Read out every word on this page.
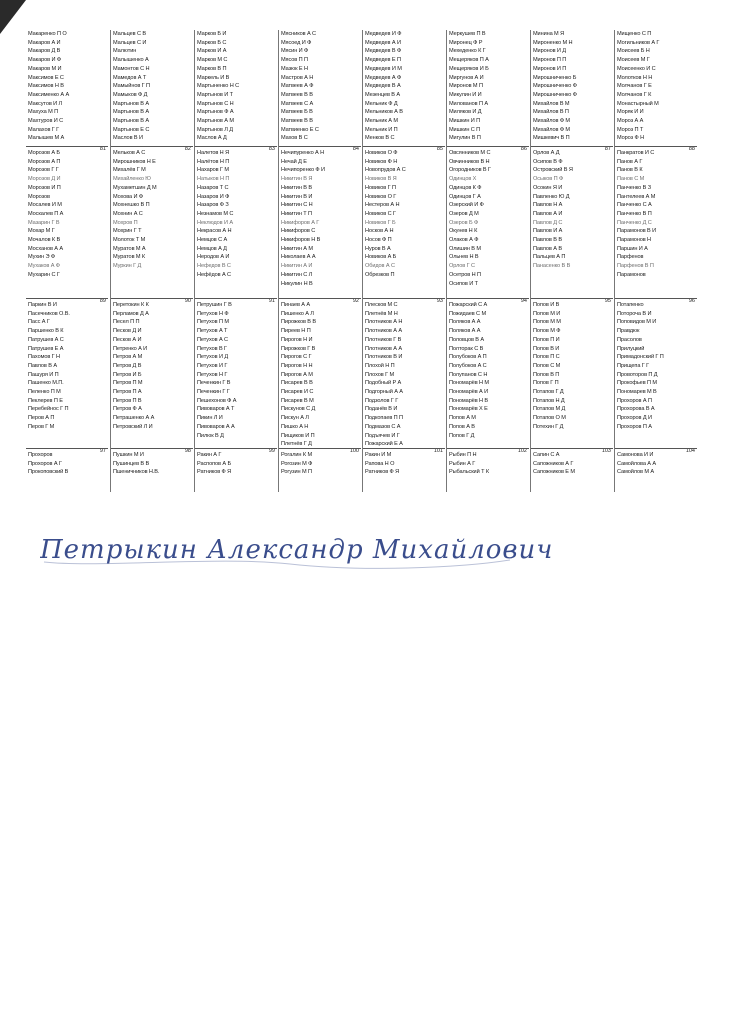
Макаренко П О
Макаров А И
Макаров Д В
Макаров И Ф
Макаров М И
Максимов Е С
Максимов Н В
Максименко А А
Максутов И Л
Махуха М П
Махтуров И С
Малахов Г Г
Малышев М А
81
Морозов А Б
Морозов А П
Морозов Г Г
Морозов Д И
Морозов И П
Морозов
Мосалев И М
Москалев П А
Мазарин Г В
Мохар М Г
Мочалов К В
Мосханов А А
Мухин Э Ф
Мухаков А Ф
Мухарин С Г
89
Паркин В И
Пасечников О.В.
Пасс А Г
Паршенко В К
Патрушев А С
Патрушев Е А
Пахомов Г Н
Павлов В А
Пашуря И П
Пашенко М.П.
Пеленко П М
Пеклерев П Е
Перебейнос Г П
Перов А П
Перов Г М
97
Прохоров
Прохоров А Г
Прокоповский В
Мальцев С В
Мальцев С И
Малютин
Малышенко А
Мамонтов С Н
Мамедов А Т
Мамыйнов Г П
Мамыков Ф Д
Мартынов В А
Мартынов В А
Мартынов В А
Мартынов Е С
Маслов В И
82
Мельков А С
Мирошников Н Е
Михалёв Г М
Михайленко Ю
Мухаметшин Д М
Мохова И Ф
Мохнешко В П
Мохнин А С
Мохров П
Мохрин Г Т
Молоток Т М
Муратов М А
Муратов М К
Муркин Г Д
90
Перетокин К К
Перламов Д А
Песел П П
Песков Д И
Песков А И
Петренко А И
Петров А М
Петров Д В
Петров И Б
Петров П М
Петров П А
Петров П В
Петров Ф А
Петрашенко А А
Петровский Л И
98
Пушкин М И
Пушинцев В В
Пшеничников Н.В.
Марков Б И
Марков Б С
Марков И А
Марков М С
Марков В П
Маркель И В
Мартыненко Н С
Мартынов И Т
Мартынов С Н
Мартынов Ф А
Мартынов А М
Мартынов Л Д
Маслов А Д
83
Налетов Н Я
Налётов Н П
Нахаров Г М
Натыков Н П
Назаров Т С
Назаров И Ф
Назаров Ф З
Незнамов М С
Неклюдов И А
Некрасов А Н
Немцов С А
Немцов А Д
Неродов А И
Нефедов В С
Нефёдов А С
91
Петрушин Г В
Петухов Н Ф
Петухов П М
Петухов А Т
Петухов А С
Петухов В Г
Петухов И Д
Петухов И Г
Петухов Н Г
Печенкин Г В
Печенкин Г Г
Пешехонов Ф А
Пивоваров А Т
Пикин Л И
Пивоваров А А
Пилюк В Д
99
Ракин А Г
Распопов А Б
Ратников Ф Я
Мясников А С
Мясоед И Ф
Мясин И Ф
Мясов П П
Мазюк Е Н
Мастров А Н
Матвеев А Ф
Матвеев В В
Матвеев С А
Матвеев Б В
Матвеев В В
Матвиенко Е С
Махов В С
84
Нечипуренко А Н
Нечай Д Е
Нечипоренко Ф И
Никитин В Я
Никитин В В
Никитин В И
Никитин С Н
Никитин Т П
Никифоров А Г
Никифоров С
Никифоров Н В
Никитин А М
Николаев А А
Никитин А И
Никитин С Л
Никулин Н В
92
Пинаев А А
Пишенко А Л
Пирожков В В
Пиреев Н П
Пирогов Н И
Пирожков Г В
Пирогов С Г
Пирогов Н Н
Пирогов А М
Писарев В В
Писарев И С
Писарев В М
Пискунов С Д
Пискун А Л
Пишко А Н
Пищиков И П
Плетнёв Г Д
100
Рогалин К М
Рогозин М Ф
Рогузин М П
Медведев И Ф
Медведев А И
Медведев В Ф
Медведев Е П
Медведев И М
Медведев А Ф
Медведев В А
Мезенцев В А
Мельник Ф Д
Мельников А В
Мельник А М
Мельник И П
Менков В С
85
Новиков О Ф
Новиков Ф Н
Новопрудов А С
Новиков В Я
Новиков Г П
Новиков О Г
Нестеров А Н
Новиков С Г
Новиков Г Б
Носков А Н
Носов Ф П
Нуров В А
Новиков А Б
Обидов А С
Обрезков П
93
Плесков М С
Плетнёв М Н
Плотников А Н
Плотников А А
Плотников Г В
Плотников А А
Плотников В И
Плохой Н П
Плохов Г М
Подобный Р А
Подгорный А А
Подзолов Г Г
Поданёв В И
Подкопаев П П
Подмазов С А
Подъячев И Г
Пожарский Е А
101
Ракин И М
Рапова Н О
Ратников Ф Я
Меркушев П В
Миронец Ф Р
Мехеденко К Г
Мещеряков П А
Мещеряков И Б
Миргунов А И
Миронов М П
Микулин И И
Милованов П А
Миляков И Д
Мишкин И П
Мишкин С П
Мигулин В П
86
Овсянников М С
Овчинников В Н
Огородников В Г
Одинцов Х
Одинцов К Ф
Одинцов Г А
Озерский И Ф
Озеров Д М
Озеров Б Ф
Окунев Н К
Олаков А Ф
Олишин В М
Ольнев Н В
Орлов Г С
Осетров Н П
Осипов И Т
94
Пожарский С А
Пожидаев С М
Поляков А А
Поляков А А
Половцов В А
Полторак С В
Полубоков А П
Полубоков А С
Полупанов С Н
Пономарёв Н М
Пономарёв А И
Пономарёв Н В
Пономарёв Х Е
Попов А М
Попов А В
Попов Г Д
102
Рыбин П Н
Рыбин А Г
Рыбальский Т К
Минина М Я
Мироненко М Н
Миронов И Д
Миронов П П
Миронов И П
Мирошниченко Б
Мирошниченко Ф
Мирошниченко Ф
Михайлов В М
Михайлов В П
Михайлов Ф М
Михайлов Ф М
Мишкевич В П
87
Орлов А Д
Осипов В Ф
Островский В Я
Осыков П Ф
Осокин Я И
Павленко Ю Д
Павлов Н А
Павлов А И
Павлов Д С
Павлов И А
Павлов В В
Павлов А В
Пальцев А П
Панасенко В В
95
Попов И В
Попов М И
Попов М М
Попов М Ф
Попов П И
Попов В И
Попов П С
Попов С М
Попов В П
Попов Г П
Потапов Г Д
Потапов Н Д
Потапов М Д
Потапов О М
Потехин Г Д
103
Сапин С А
Сапожников А Г
Сапожников Е М
Мищенко С П
Могильников А Г
Моисеев Б Н
Моисеев М Г
Моисеенко И С
Молотков Н Н
Молчанов Г Е
Молчанов Г К
Монастырный М
Моряк И И
Мороз А А
Мороз П Т
Мороз Ф Н
88
Панкратов И С
Панов А Г
Панов В К
Панов С М
Панченко В З
Пантелеев А М
Панченко С А
Панченко В П
Панченко Д С
Парамонов В И
Парамонов Н
Паршин И А
Парфенов
Парфенов В П
Парамонов
96
Потапенко
Потороча В И
Поповидов М И
Правдюк
Прасолов
Прилуцкий
Примадонский Г П
Прищепа Г Г
Провоторов П Д
Прокофьев П М
Пономарев М В
Прохоров А П
Прохорова В А
Прохоров Д И
Прохоров П А
104
Самонова И И
Самойлова А А
Самойлов М А
Петрыкин Александр Михайлович
